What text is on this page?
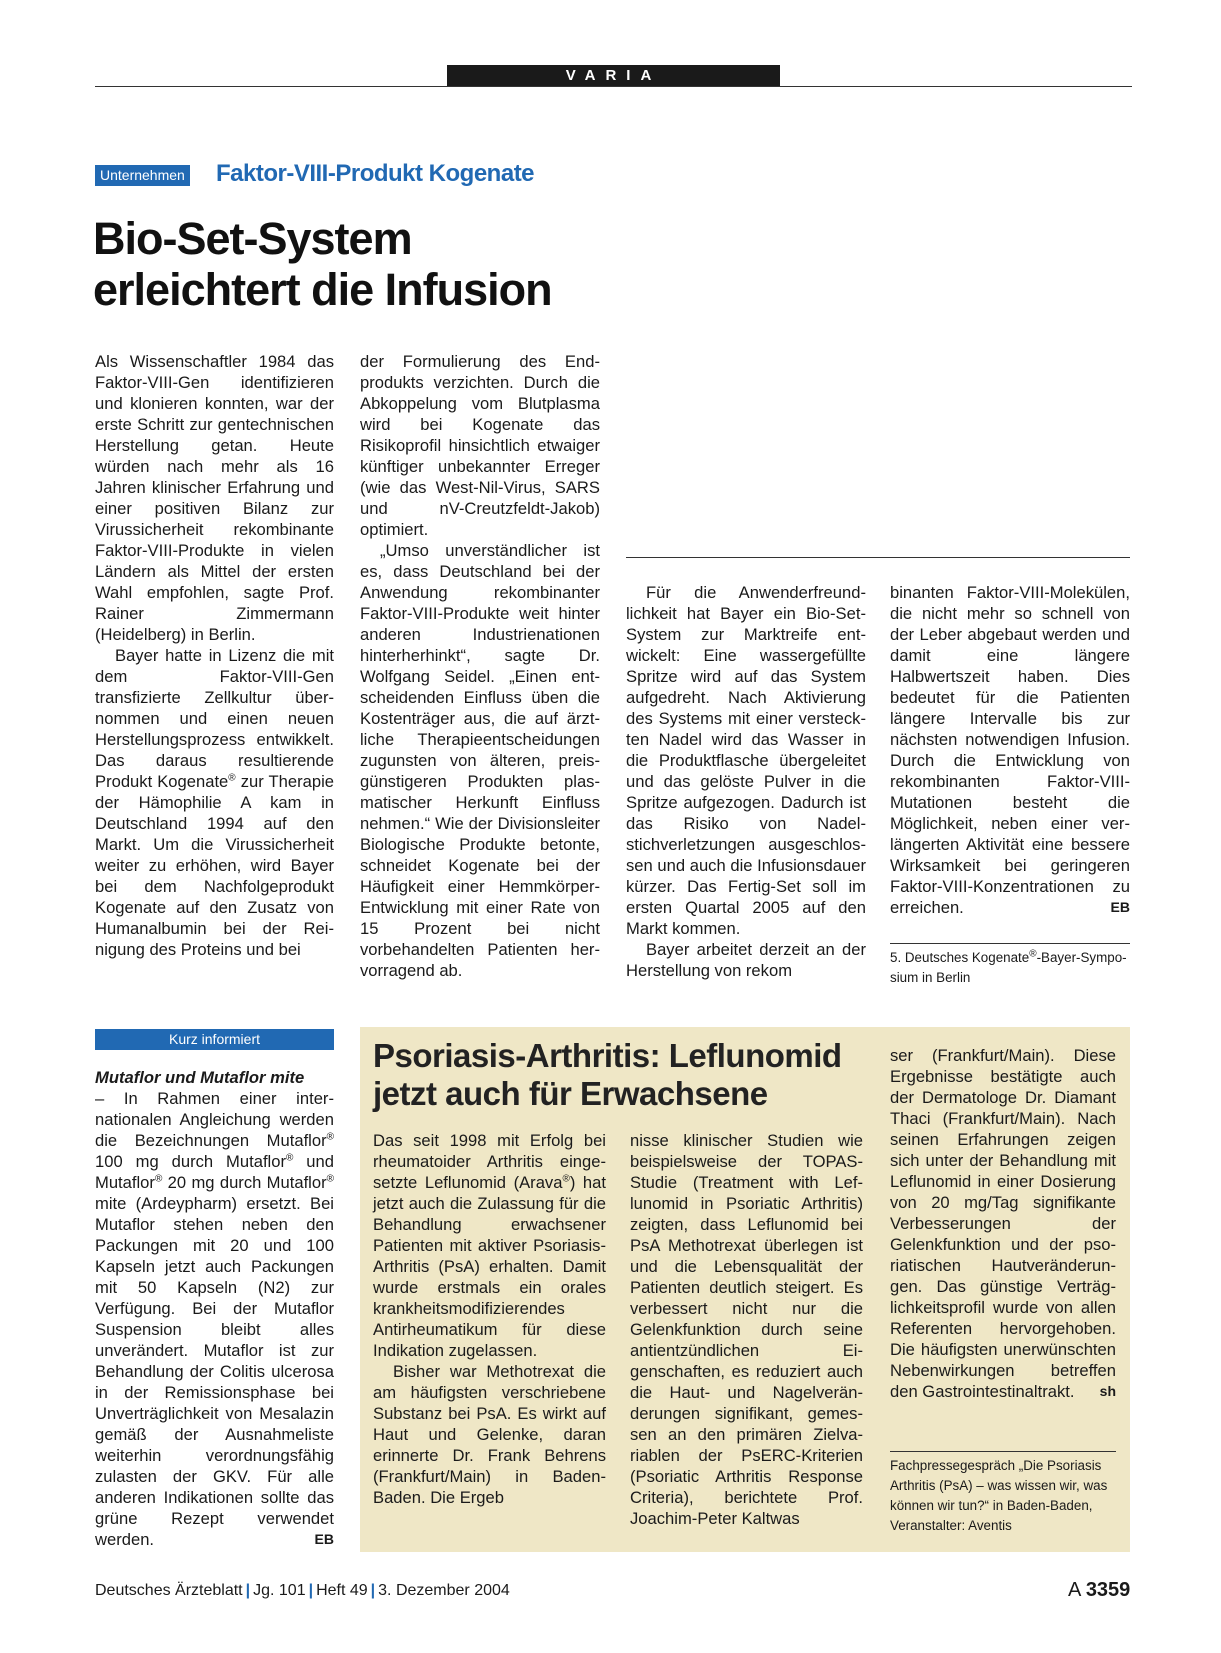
VARIA
Unternehmen Faktor-VIII-Produkt Kogenate
Bio-Set-System
erleichtert die Infusion

Als Wissenschaftler 1984 das Faktor-VIII-Gen identifizieren und klonieren konnten, war der erste Schritt zur gentechnischen Herstellung getan. Heute würden nach mehr als 16 Jahren klinischer Erfahrung und einer positiven Bilanz zur Virussicherheit rekombinante Faktor-VIII-Produkte in vielen Ländern als Mittel der ersten Wahl empfohlen, sagte Prof. Rainer Zimmermann (Heidelberg) in Berlin.

Bayer hatte in Lizenz die mit dem Faktor-VIII-Gen transfizierte Zellkultur übernommen und einen neuen Herstellungsprozess entwikkelt. Das daraus resultierende Produkt Kogenate® zur Therapie der Hämophilie A kam in Deutschland 1994 auf den Markt. Um die Virussicherheit weiter zu erhöhen, wird Bayer bei dem Nachfolgeprodukt Kogenate auf den Zusatz von Humanalbumin bei der Reinigung des Proteins und bei

der Formulierung des Endprodukts verzichten. Durch die Abkoppelung vom Blutplasma wird bei Kogenate das Risikoprofil hinsichtlich etwaiger künftiger unbekannter Erreger (wie das West-Nil-Virus, SARS und nV-Creutzfeldt-Jakob) optimiert.

„Umso unverständlicher ist es, dass Deutschland bei der Anwendung rekombinanter Faktor-VIII-Produkte weit hinter anderen Industrienationen hinterherhinkt“, sagte Dr. Wolfgang Seidel. „Einen entscheidenden Einfluss üben die Kostenträger aus, die auf ärztliche Therapieentscheidungen zugunsten von älteren, preisgünstigeren Produkten plasmatischer Herkunft Einfluss nehmen.“ Wie der Divisionsleiter Biologische Produkte betonte, schneidet Kogenate bei der Häufigkeit einer Hemmkörper-Entwicklung mit einer Rate von 15 Prozent bei nicht vorbehandelten Patienten hervorragend ab.

Für die Anwenderfreundlichkeit hat Bayer ein Bio-Set-System zur Marktreife entwickelt: Eine wassergefüllte Spritze wird auf das System aufgedreht. Nach Aktivierung des Systems mit einer versteckten Nadel wird das Wasser in die Produktflasche übergeleitet und das gelöste Pulver in die Spritze aufgezogen. Dadurch ist das Risiko von Nadelstichverletzungen ausgeschlossen und auch die Infusionsdauer kürzer. Das Fertig-Set soll im ersten Quartal 2005 auf den Markt kommen.

Bayer arbeitet derzeit an der Herstellung von rekom

binanten Faktor-VIII-Molekülen, die nicht mehr so schnell von der Leber abgebaut werden und damit eine längere Halbwertszeit haben. Dies bedeutet für die Patienten längere Intervalle bis zur nächsten notwendigen Infusion. Durch die Entwicklung von rekombinanten Faktor-VIII-Mutationen besteht die Möglichkeit, neben einer verlängerten Aktivität eine bessere Wirksamkeit bei geringeren Faktor-VIII-Konzentrationen zu erreichen.	EB

5. Deutsches Kogenate®-Bayer-Symposium in Berlin
Kurz informiert

Mutaflor und Mutaflor mite
– In Rahmen einer internationalen Angleichung werden die Bezeichnungen Mutaflor® 100 mg durch Mutaflor® und Mutaflor® 20 mg durch Mutaflor® mite (Ardeypharm) ersetzt. Bei Mutaflor stehen neben den Packungen mit 20 und 100 Kapseln jetzt auch Packungen mit 50 Kapseln (N2) zur Verfügung. Bei der Mutaflor Suspension bleibt alles unverändert. Mutaflor ist zur Behandlung der Colitis ulcerosa in der Remissionsphase bei Unverträglichkeit von Mesalazin gemäß der Ausnahmeliste weiterhin verordnungsfähig zulasten der GKV. Für alle anderen Indikationen sollte das grüne Rezept verwendet werden.	EB

Psoriasis-Arthritis: Leflunomid
jetzt auch für Erwachsene

Das seit 1998 mit Erfolg bei rheumatoider Arthritis eingesetzte Leflunomid (Arava®) hat jetzt auch die Zulassung für die Behandlung erwachsener Patienten mit aktiver Psoriasis-Arthritis (PsA) erhalten. Damit wurde erstmals ein orales krankheitsmodifizierendes Antirheumatikum für diese Indikation zugelassen.

Bisher war Methotrexat die am häufigsten verschriebene Substanz bei PsA. Es wirkt auf Haut und Gelenke, daran erinnerte Dr. Frank Behrens (Frankfurt/Main) in Baden-Baden. Die Ergeb

nisse klinischer Studien wie beispielsweise der TOPAS-Studie (Treatment with Leflunomid in Psoriatic Arthritis) zeigten, dass Leflunomid bei PsA Methotrexat überlegen ist und die Lebensqualität der Patienten deutlich steigert. Es verbessert nicht nur die Gelenkfunktion durch seine antientzündlichen Eigenschaften, es reduziert auch die Haut- und Nagelveränderungen signifikant, gemessen an den primären Zielvariablen der PsERC-Kriterien (Psoriatic Arthritis Response Criteria), berichtete Prof. Joachim-Peter Kaltwas

ser (Frankfurt/Main). Diese Ergebnisse bestätigte auch der Dermatologe Dr. Diamant Thaci (Frankfurt/Main). Nach seinen Erfahrungen zeigen sich unter der Behandlung mit Leflunomid in einer Dosierung von 20 mg/Tag signifikante Verbesserungen der Gelenkfunktion und der psoriatischen Hautveränderungen. Das günstige Verträglichkeitsprofil wurde von allen Referenten hervorgehoben. Die häufigsten unerwünschten Nebenwirkungen betreffen den Gastrointestinaltrakt. sh

Fachpressegespräch „Die Psoriasis Arthritis (PsA) – was wissen wir, was können wir tun?“ in Baden-Baden, Veranstalter: Aventis
Deutsches Ärzteblatt | Jg. 101 | Heft 49 | 3. Dezember 2004	A 3359
